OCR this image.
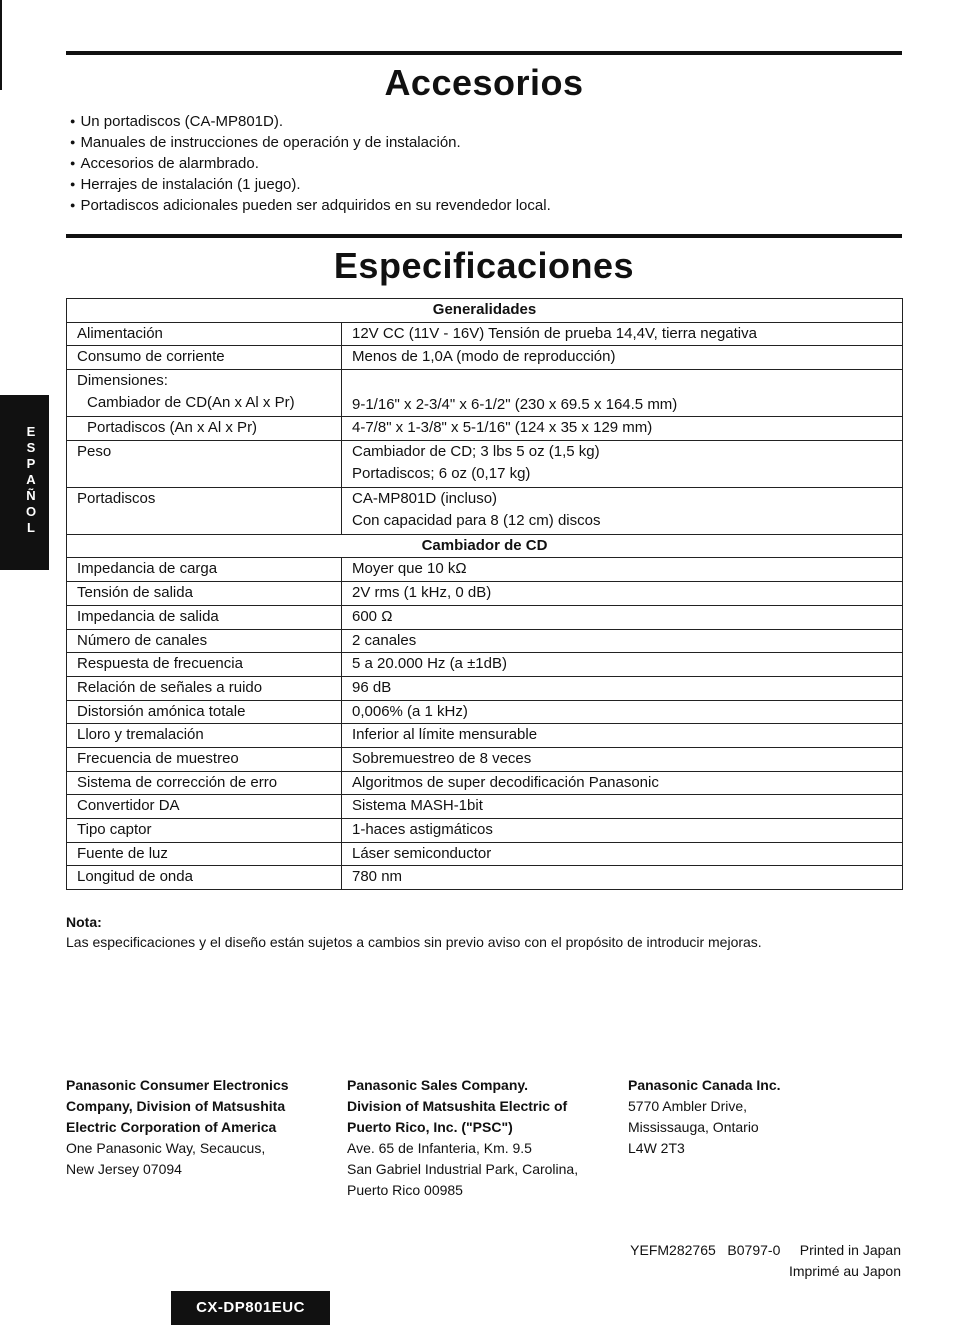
Accesorios
● Un portadiscos (CA-MP801D).
● Manuales de instrucciones de operación y de instalación.
● Accesorios de alarmbrado.
● Herrajes de instalación (1 juego).
● Portadiscos adicionales pueden ser adquiridos en su revendedor local.
Especificaciones
Generalidades	
Alimentación	12V CC (11V - 16V) Tensión de prueba 14,4V, tierra negativa
Consumo de corriente	Menos de 1,0A (modo de reproducción)

Dimensiones:
Cambiador de CD(An x Al x Pr)	9-1/16" x 2-3/4" x 6-1/2" (230 x 69.5 x 164.5 mm)

Portadiscos (An x Al x Pr)	4-7/8" x 1-3/8" x 5-1/16" (124 x 35 x 129 mm)
Peso	Cambiador de CD; 3 lbs 5 oz (1,5 kg)
Portadiscos; 6 oz (0,17 kg)

Portadiscos	CA-MP801D (incluso)
Con capacidad para 8 (12 cm) discos

Cambiador de CD	
Impedancia de carga	Moyer que 10 kΩ
Tensión de salida	2V rms (1 kHz, 0 dB)
Impedancia de salida	600 Ω
Número de canales	2 canales
Respuesta de frecuencia	5 a 20.000 Hz (a ±1dB)
Relación de señales a ruido	96 dB
Distorsión amónica totale	0,006% (a 1 kHz)
Lloro y tremalación	Inferior al límite mensurable
Frecuencia de muestreo	Sobremuestreo de 8 veces
Sistema de corrección de erro	Algoritmos de super decodificación Panasonic
Convertidor DA	Sistema MASH-1bit
Tipo captor	1-haces astigmáticos
Fuente de luz	Láser semiconductor
Longitud de onda	780 nm
E
S
P
A
Ñ
O
L
Nota:
Las especificaciones y el diseño están sujetos a cambios sin previo aviso con el propósito de introducir mejoras.
Panasonic Consumer Electronics
Company, Division of Matsushita
Electric Corporation of America
One Panasonic Way, Secaucus,
New Jersey 07094
Panasonic Sales Company.
Division of Matsushita Electric of
Puerto Rico, Inc. ("PSC")
Ave. 65 de Infanteria, Km. 9.5
San Gabriel Industrial Park, Carolina,
Puerto Rico 00985
Panasonic Canada Inc.
5770 Ambler Drive,
Mississauga, Ontario
L4W 2T3
YEFM282765   B0797-0     Printed in Japan
Imprimé au Japon
CX-DP801EUC
